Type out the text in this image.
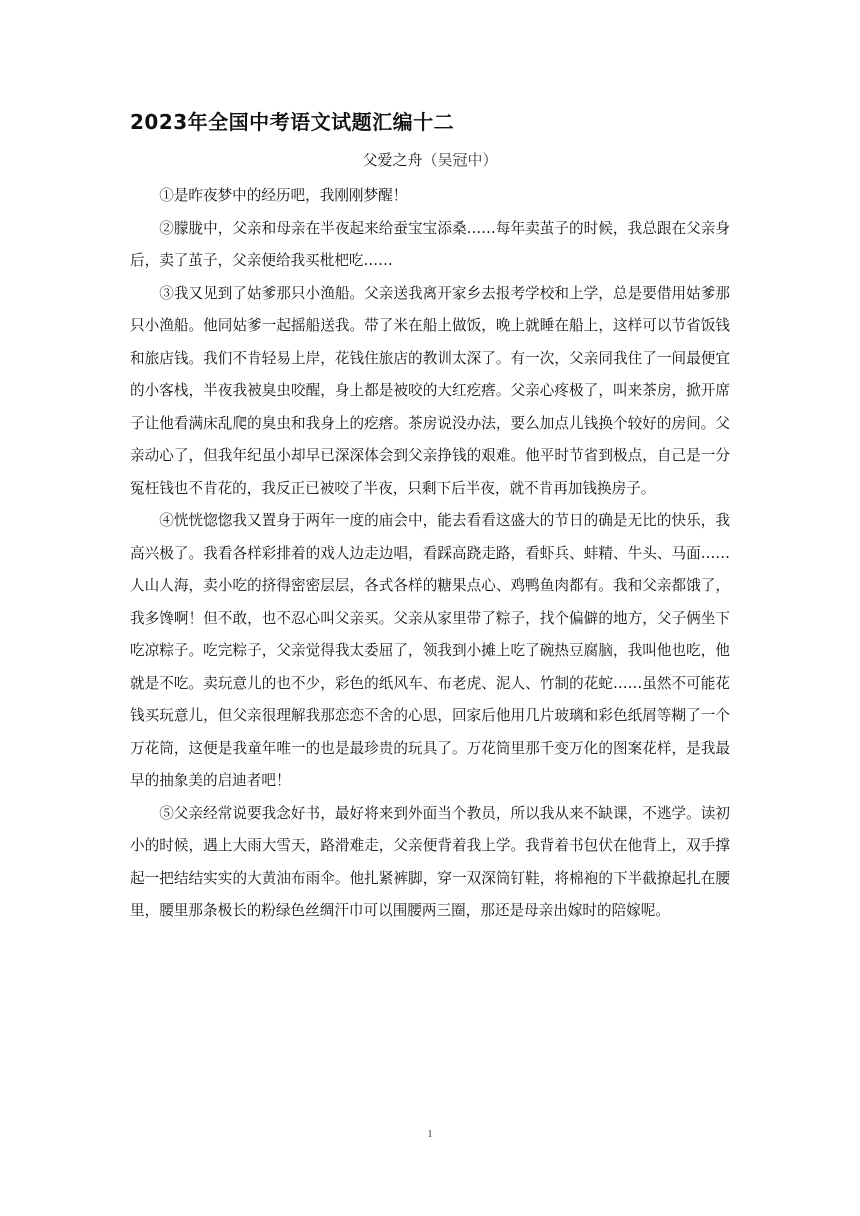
2023年全国中考语文试题汇编十二
父爱之舟（吴冠中）

①是昨夜梦中的经历吧，我刚刚梦醒！

②朦胧中，父亲和母亲在半夜起来给蚕宝宝添桑……每年卖茧子的时候，我总跟在父亲身后，卖了茧子，父亲便给我买枇杷吃……

③我又见到了姑爹那只小渔船。父亲送我离开家乡去报考学校和上学，总是要借用姑爹那只小渔船。他同姑爹一起摇船送我。带了米在船上做饭，晚上就睡在船上，这样可以节省饭钱和旅店钱。我们不肯轻易上岸，花钱住旅店的教训太深了。有一次，父亲同我住了一间最便宜的小客栈，半夜我被臭虫咬醒，身上都是被咬的大红疙瘩。父亲心疼极了，叫来茶房，掀开席子让他看满床乱爬的臭虫和我身上的疙瘩。茶房说没办法，要么加点儿钱换个较好的房间。父亲动心了，但我年纪虽小却早已深深体会到父亲挣钱的艰难。他平时节省到极点，自己是一分冤枉钱也不肯花的，我反正已被咬了半夜，只剩下后半夜，就不肯再加钱换房子。

④恍恍惚惚我又置身于两年一度的庙会中，能去看看这盛大的节日的确是无比的快乐，我高兴极了。我看各样彩排着的戏人边走边唱，看踩高跷走路，看虾兵、蚌精、牛头、马面……人山人海，卖小吃的挤得密密层层，各式各样的糖果点心、鸡鸭鱼肉都有。我和父亲都饿了，我多馋啊！但不敢，也不忍心叫父亲买。父亲从家里带了粽子，找个偏僻的地方，父子俩坐下吃凉粽子。吃完粽子，父亲觉得我太委屈了，领我到小摊上吃了碗热豆腐脑，我叫他也吃，他就是不吃。卖玩意儿的也不少，彩色的纸风车、布老虎、泥人、竹制的花蛇……虽然不可能花钱买玩意儿，但父亲很理解我那恋恋不舍的心思，回家后他用几片玻璃和彩色纸屑等糊了一个万花筒，这便是我童年唯一的也是最珍贵的玩具了。万花筒里那千变万化的图案花样，是我最早的抽象美的启迪者吧！

⑤父亲经常说要我念好书，最好将来到外面当个教员，所以我从来不缺课，不逃学。读初小的时候，遇上大雨大雪天，路滑难走，父亲便背着我上学。我背着书包伏在他背上，双手撑起一把结结实实的大黄油布雨伞。他扎紧裤脚，穿一双深筒钉鞋，将棉袍的下半截撩起扎在腰里，腰里那条极长的粉绿色丝绸汗巾可以围腰两三圈，那还是母亲出嫁时的陪嫁呢。

1
